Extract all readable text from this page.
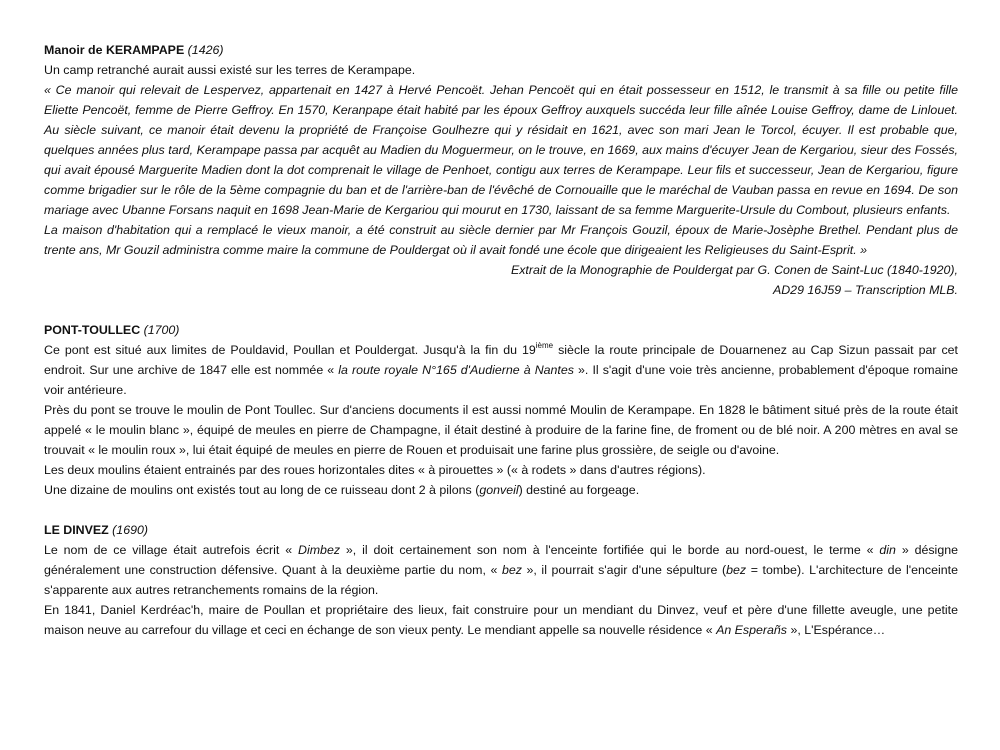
Manoir de KERAMPAPE (1426)

Un camp retranché aurait aussi existé sur les terres de Kerampape.

« Ce manoir qui relevait de Lespervez, appartenait en 1427 à Hervé Pencoët. Jehan Pencoët qui en était possesseur en 1512, le transmit à sa fille ou petite fille Eliette Pencoët, femme de Pierre Geffroy. En 1570, Keranpape était habité par les époux Geffroy auxquels succéda leur fille aînée Louise Geffroy, dame de Linlouet. Au siècle suivant, ce manoir était devenu la propriété de Françoise Goulhezre qui y résidait en 1621, avec son mari Jean le Torcol, écuyer. Il est probable que, quelques années plus tard, Kerampape passa par acquêt au Madien du Moguermeur, on le trouve, en 1669, aux mains d'écuyer Jean de Kergariou, sieur des Fossés, qui avait épousé Marguerite Madien dont la dot comprenait le village de Penhoet, contigu aux terres de Kerampape. Leur fils et successeur, Jean de Kergariou, figure comme brigadier sur le rôle de la 5ème compagnie du ban et de l'arrière-ban de l'évêché de Cornouaille que le maréchal de Vauban passa en revue en 1694. De son mariage avec Ubanne Forsans naquit en 1698 Jean-Marie de Kergariou qui mourut en 1730, laissant de sa femme Marguerite-Ursule du Combout, plusieurs enfants.

La maison d'habitation qui a remplacé le vieux manoir, a été construit au siècle dernier par Mr François Gouzil, époux de Marie-Josèphe Brethel. Pendant plus de trente ans, Mr Gouzil administra comme maire la commune de Pouldergat où il avait fondé une école que dirigeaient les Religieuses du Saint-Esprit. »

Extrait de la Monographie de Pouldergat par G. Conen de Saint-Luc (1840-1920),

AD29 16J59 – Transcription MLB.

PONT-TOULLEC (1700)

Ce pont est situé aux limites de Pouldavid, Poullan et Pouldergat. Jusqu'à la fin du 19ième siècle la route principale de Douarnenez au Cap Sizun passait par cet endroit. Sur une archive de 1847 elle est nommée « la route royale N°165 d'Audierne à Nantes ». Il s'agit d'une voie très ancienne, probablement d'époque romaine voir antérieure.

Près du pont se trouve le moulin de Pont Toullec. Sur d'anciens documents il est aussi nommé Moulin de Kerampape. En 1828 le bâtiment situé près de la route était appelé « le moulin blanc », équipé de meules en pierre de Champagne, il était destiné à produire de la farine fine, de froment ou de blé noir. A 200 mètres en aval se trouvait « le moulin roux », lui était équipé de meules en pierre de Rouen et produisait une farine plus grossière, de seigle ou d'avoine.

Les deux moulins étaient entrainés par des roues horizontales dites « à pirouettes » (« à rodets » dans d'autres régions).

Une dizaine de moulins ont existés tout au long de ce ruisseau dont 2 à pilons (gonveil) destiné au forgeage.

LE DINVEZ (1690)

Le nom de ce village était autrefois écrit « Dimbez », il doit certainement son nom à l'enceinte fortifiée qui le borde au nord-ouest, le terme « din » désigne généralement une construction défensive. Quant à la deuxième partie du nom, « bez », il pourrait s'agir d'une sépulture (bez = tombe). L'architecture de l'enceinte s'apparente aux autres retranchements romains de la région.

En 1841, Daniel Kerdréac'h, maire de Poullan et propriétaire des lieux, fait construire pour un mendiant du Dinvez, veuf et père d'une fillette aveugle, une petite maison neuve au carrefour du village et ceci en échange de son vieux penty. Le mendiant appelle sa nouvelle résidence « An Esperañs », L'Espérance…
